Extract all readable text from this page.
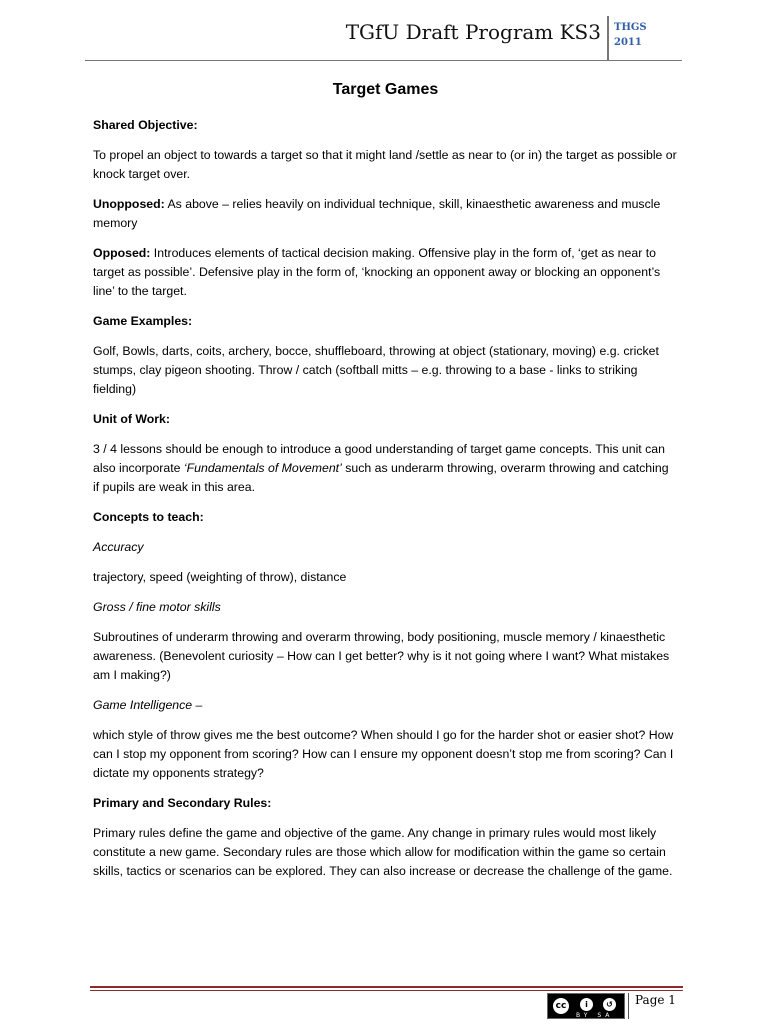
TGfU Draft Program KS3 THGS
2011
Target Games

Shared Objective:

To propel an object to towards a target so that it might land /settle as near to (or in) the target as possible or knock target over.

Unopposed: As above – relies heavily on individual technique, skill, kinaesthetic awareness and muscle memory

Opposed: Introduces elements of tactical decision making. Offensive play in the form of, ‘get as near to target as possible’. Defensive play in the form of, ‘knocking an opponent away or blocking an opponent’s line’ to the target.

Game Examples:

Golf, Bowls, darts, coits, archery, bocce, shuffleboard, throwing at object (stationary, moving) e.g. cricket stumps, clay pigeon shooting. Throw / catch (softball mitts – e.g. throwing to a base - links to striking fielding)

Unit of Work:

3 / 4 lessons should be enough to introduce a good understanding of target game concepts. This unit can also incorporate ‘Fundamentals of Movement’ such as underarm throwing, overarm throwing and catching if pupils are weak in this area.

Concepts to teach:

Accuracy

trajectory, speed (weighting of throw), distance

Gross / fine motor skills

Subroutines of underarm throwing and overarm throwing, body positioning, muscle memory / kinaesthetic awareness. (Benevolent curiosity – How can I get better? why is it not going where I want? What mistakes am I making?)

Game Intelligence –

which style of throw gives me the best outcome? When should I go for the harder shot or easier shot? How can I stop my opponent from scoring? How can I ensure my opponent doesn’t stop me from scoring? Can I dictate my opponents strategy?

Primary and Secondary Rules:

Primary rules define the game and objective of the game. Any change in primary rules would most likely constitute a new game. Secondary rules are those which allow for modification within the game so certain skills, tactics or scenarios can be explored. They can also increase or decrease the challenge of the game.

cc	i	↺
BY SA
Page 1
